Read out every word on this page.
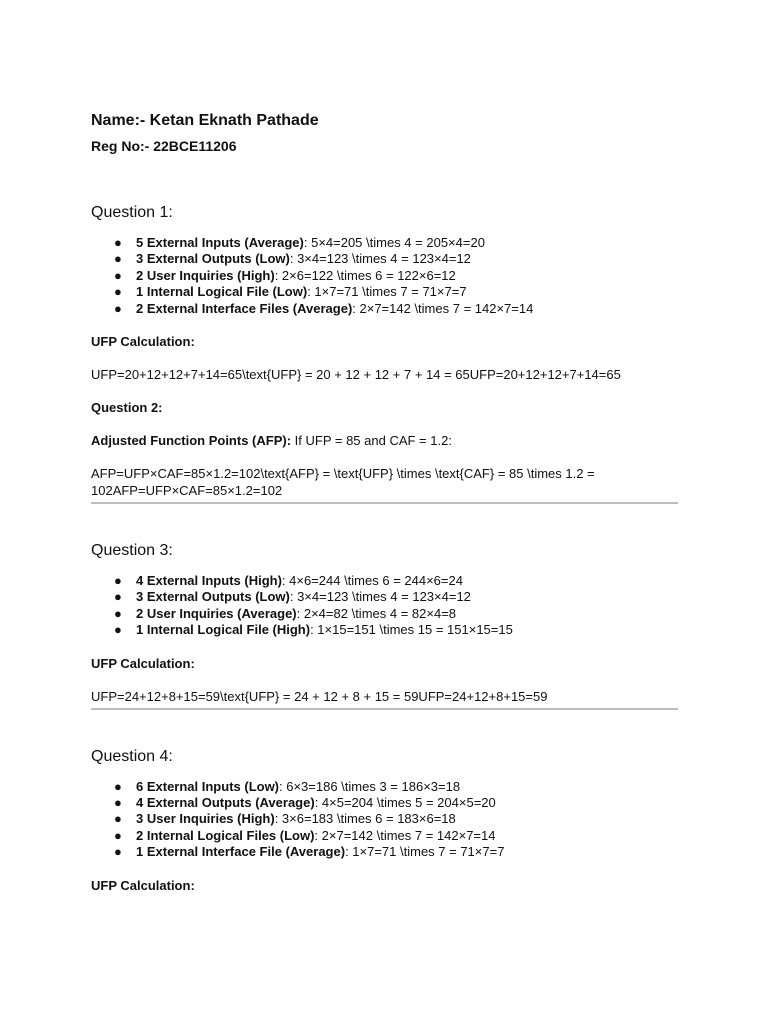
Name:- Ketan Eknath Pathade

Reg No:- 22BCE11206

Question 1:
● 5 External Inputs (Average): 5×4=205 \times 4 = 205×4=20
● 3 External Outputs (Low): 3×4=123 \times 4 = 123×4=12
● 2 User Inquiries (High): 2×6=122 \times 6 = 122×6=12
● 1 Internal Logical File (Low): 1×7=71 \times 7 = 71×7=7
● 2 External Interface Files (Average): 2×7=142 \times 7 = 142×7=14

UFP Calculation:

UFP=20+12+12+7+14=65\text{UFP} = 20 + 12 + 12 + 7 + 14 = 65UFP=20+12+12+7+14=65

Question 2:

Adjusted Function Points (AFP): If UFP = 85 and CAF = 1.2:

AFP=UFP×CAF=85×1.2=102\text{AFP} = \text{UFP} \times \text{CAF} = 85 \times 1.2 =
102AFP=UFP×CAF=85×1.2=102

Question 3:
● 4 External Inputs (High): 4×6=244 \times 6 = 244×6=24
● 3 External Outputs (Low): 3×4=123 \times 4 = 123×4=12
● 2 User Inquiries (Average): 2×4=82 \times 4 = 82×4=8
● 1 Internal Logical File (High): 1×15=151 \times 15 = 151×15=15

UFP Calculation:

UFP=24+12+8+15=59\text{UFP} = 24 + 12 + 8 + 15 = 59UFP=24+12+8+15=59

Question 4:
● 6 External Inputs (Low): 6×3=186 \times 3 = 186×3=18
● 4 External Outputs (Average): 4×5=204 \times 5 = 204×5=20
● 3 User Inquiries (High): 3×6=183 \times 6 = 183×6=18
● 2 Internal Logical Files (Low): 2×7=142 \times 7 = 142×7=14
● 1 External Interface File (Average): 1×7=71 \times 7 = 71×7=7

UFP Calculation:
